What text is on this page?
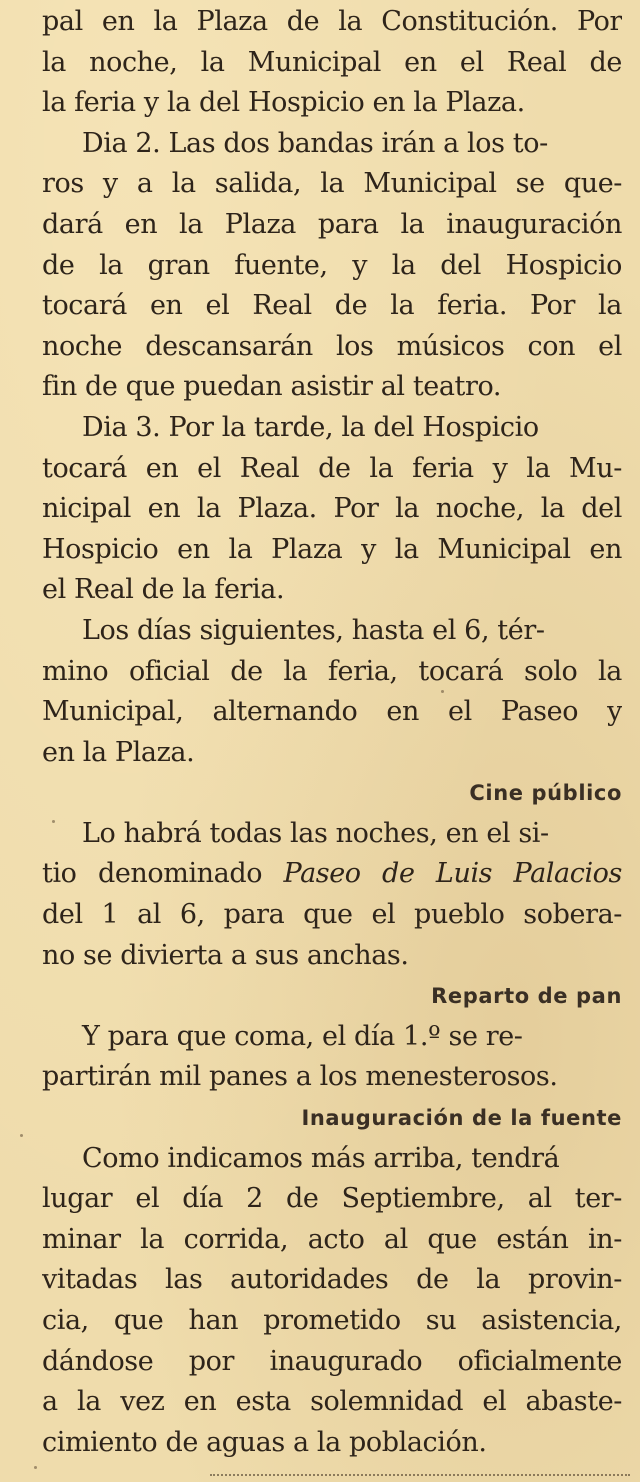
pal en la Plaza de la Constitución. Por
la noche, la Municipal en el Real de
la feria y la del Hospicio en la Plaza.
Dia 2. Las dos bandas irán a los to-
ros y a la salida, la Municipal se que-
dará en la Plaza para la inauguración
de la gran fuente, y la del Hospicio
tocará en el Real de la feria. Por la
noche descansarán los músicos con el
fin de que puedan asistir al teatro.
Dia 3. Por la tarde, la del Hospicio
tocará en el Real de la feria y la Mu-
nicipal en la Plaza. Por la noche, la del
Hospicio en la Plaza y la Municipal en
el Real de la feria.
Los días siguientes, hasta el 6, tér-
mino oficial de la feria, tocará solo la
Municipal, alternando en el Paseo y
en la Plaza.
Cine público
Lo habrá todas las noches, en el si-
tio denominado Paseo de Luis Palacios
del 1 al 6, para que el pueblo sobera-
no se divierta a sus anchas.
Reparto de pan
Y para que coma, el día 1.º se re-
partirán mil panes a los menesterosos.
Inauguración de la fuente
Como indicamos más arriba, tendrá
lugar el día 2 de Septiembre, al ter-
minar la corrida, acto al que están in-
vitadas las autoridades de la provin-
cia, que han prometido su asistencia,
dándose por inaugurado oficialmente
a la vez en esta solemnidad el abaste-
cimiento de aguas a la población.
